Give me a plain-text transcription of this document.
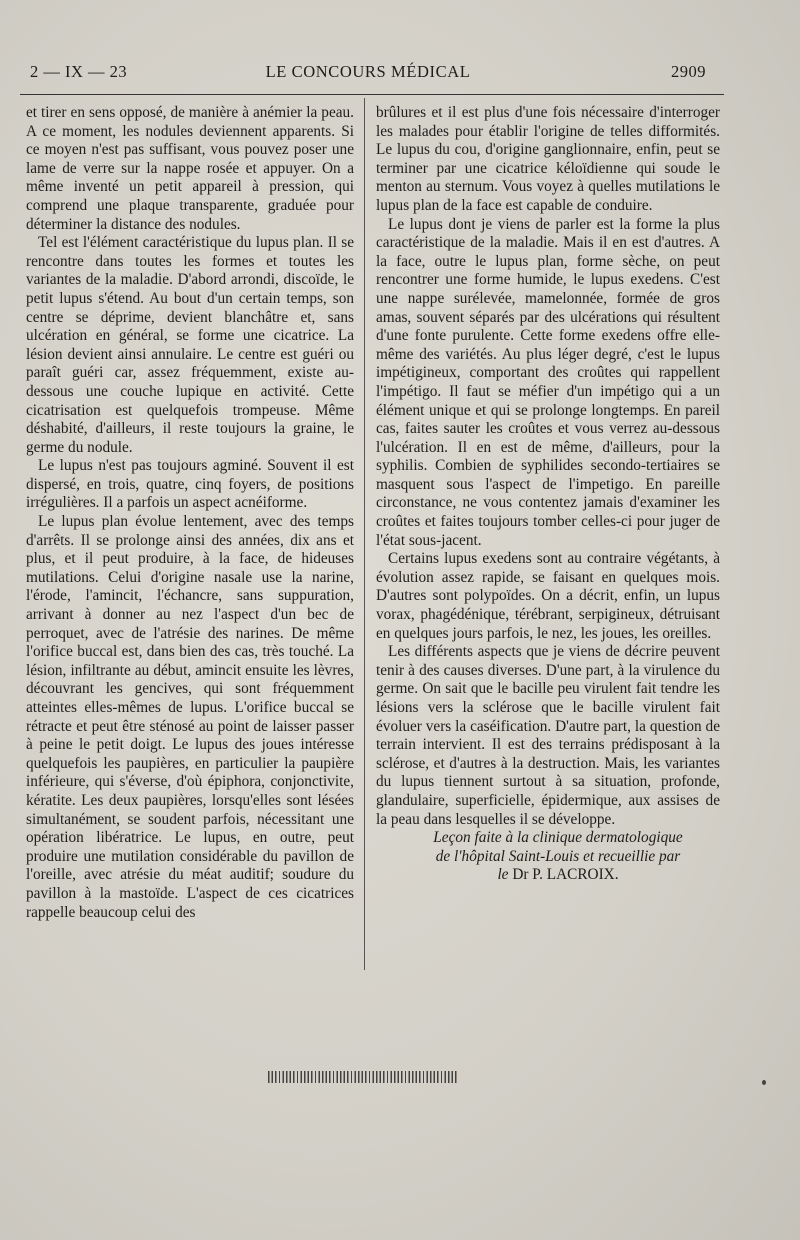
2 — IX — 23	LE CONCOURS MÉDICAL	2909

et tirer en sens opposé, de manière à anémier la peau. A ce moment, les nodules deviennent apparents. Si ce moyen n'est pas suffisant, vous pouvez poser une lame de verre sur la nappe rosée et appuyer. On a même inventé un petit appareil à pression, qui comprend une plaque transparente, graduée pour déterminer la distance des nodules.

Tel est l'élément caractéristique du lupus plan. Il se rencontre dans toutes les formes et toutes les variantes de la maladie. D'abord arrondi, discoïde, le petit lupus s'étend. Au bout d'un certain temps, son centre se déprime, devient blanchâtre et, sans ulcération en général, se forme une cicatrice. La lésion devient ainsi annulaire. Le centre est guéri ou paraît guéri car, assez fréquemment, existe au-dessous une couche lupique en activité. Cette cicatrisation est quelquefois trompeuse. Même déshabité, d'ailleurs, il reste toujours la graine, le germe du nodule.

Le lupus n'est pas toujours agminé. Souvent il est dispersé, en trois, quatre, cinq foyers, de positions irrégulières. Il a parfois un aspect acnéiforme.

Le lupus plan évolue lentement, avec des temps d'arrêts. Il se prolonge ainsi des années, dix ans et plus, et il peut produire, à la face, de hideuses mutilations. Celui d'origine nasale use la narine, l'érode, l'amincit, l'échancre, sans suppuration, arrivant à donner au nez l'aspect d'un bec de perroquet, avec de l'atrésie des narines. De même l'orifice buccal est, dans bien des cas, très touché. La lésion, infiltrante au début, amincit ensuite les lèvres, découvrant les gencives, qui sont fréquemment atteintes elles-mêmes de lupus. L'orifice buccal se rétracte et peut être sténosé au point de laisser passer à peine le petit doigt. Le lupus des joues intéresse quelquefois les paupières, en particulier la paupière inférieure, qui s'éverse, d'où épiphora, conjonctivite, kératite. Les deux paupières, lorsqu'elles sont lésées simultanément, se soudent parfois, nécessitant une opération libératrice. Le lupus, en outre, peut produire une mutilation considérable du pavillon de l'oreille, avec atrésie du méat auditif; soudure du pavillon à la mastoïde. L'aspect de ces cicatrices rappelle beaucoup celui des

brûlures et il est plus d'une fois nécessaire d'interroger les malades pour établir l'origine de telles difformités. Le lupus du cou, d'origine ganglionnaire, enfin, peut se terminer par une cicatrice kéloïdienne qui soude le menton au sternum. Vous voyez à quelles mutilations le lupus plan de la face est capable de conduire.

Le lupus dont je viens de parler est la forme la plus caractéristique de la maladie. Mais il en est d'autres. A la face, outre le lupus plan, forme sèche, on peut rencontrer une forme humide, le lupus exedens. C'est une nappe surélevée, mamelonnée, formée de gros amas, souvent séparés par des ulcérations qui résultent d'une fonte purulente. Cette forme exedens offre elle-même des variétés. Au plus léger degré, c'est le lupus impétigineux, comportant des croûtes qui rappellent l'impétigo. Il faut se méfier d'un impétigo qui a un élément unique et qui se prolonge longtemps. En pareil cas, faites sauter les croûtes et vous verrez au-dessous l'ulcération. Il en est de même, d'ailleurs, pour la syphilis. Combien de syphilides secondo-tertiaires se masquent sous l'aspect de l'impetigo. En pareille circonstance, ne vous contentez jamais d'examiner les croûtes et faites toujours tomber celles-ci pour juger de l'état sous-jacent.

Certains lupus exedens sont au contraire végétants, à évolution assez rapide, se faisant en quelques mois. D'autres sont polypoïdes. On a décrit, enfin, un lupus vorax, phagédénique, térébrant, serpigineux, détruisant en quelques jours parfois, le nez, les joues, les oreilles.

Les différents aspects que je viens de décrire peuvent tenir à des causes diverses. D'une part, à la virulence du germe. On sait que le bacille peu virulent fait tendre les lésions vers la sclérose que le bacille virulent fait évoluer vers la caséification. D'autre part, la question de terrain intervient. Il est des terrains prédisposant à la sclérose, et d'autres à la destruction. Mais, les variantes du lupus tiennent surtout à sa situation, profonde, glandulaire, superficielle, épidermique, aux assises de la peau dans lesquelles il se développe.

Leçon faite à la clinique dermatologique
de l'hôpital Saint-Louis et recueillie par
le Dr P. LACROIX.
